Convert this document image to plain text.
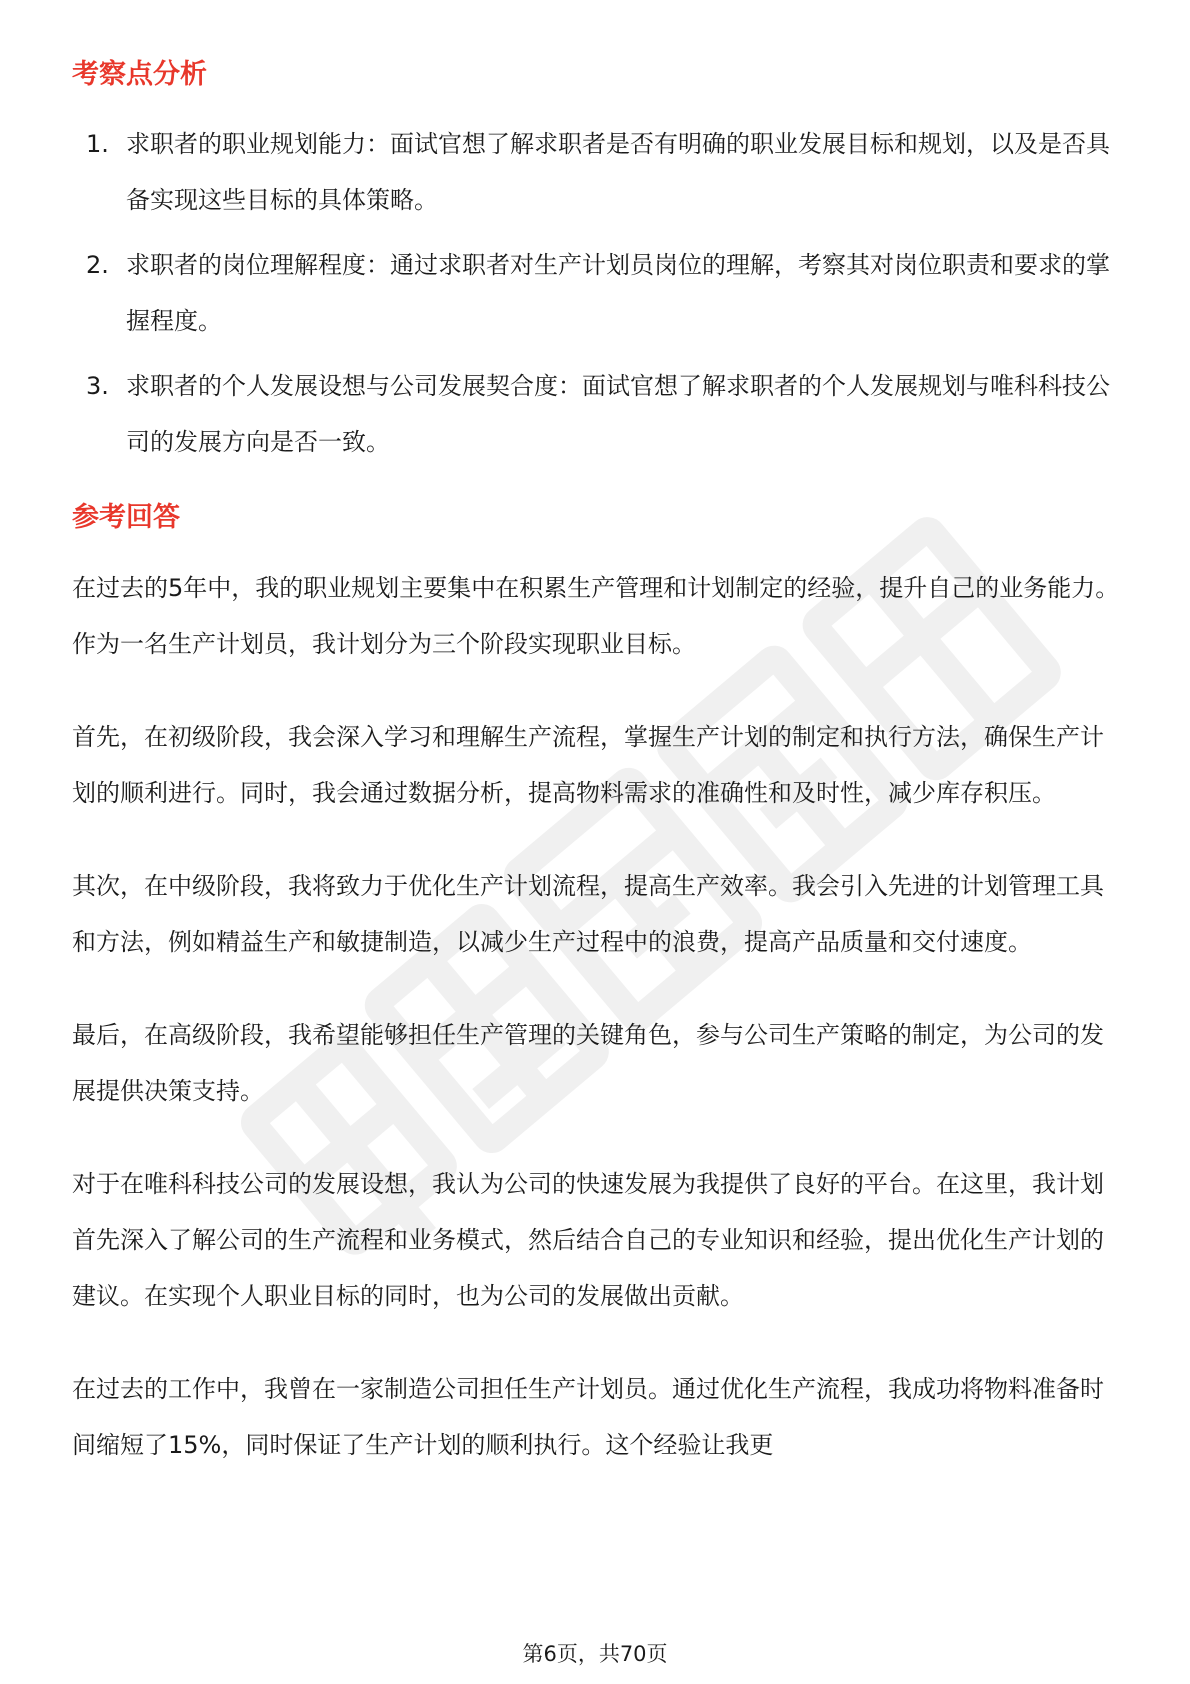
考察点分析
1. 求职者的职业规划能力：面试官想了解求职者是否有明确的职业发展目标和规划，以及是否具备实现这些目标的具体策略。
2. 求职者的岗位理解程度：通过求职者对生产计划员岗位的理解，考察其对岗位职责和要求的掌握程度。
3. 求职者的个人发展设想与公司发展契合度：面试官想了解求职者的个人发展规划与唯科科技公司的发展方向是否一致。
参考回答

在过去的5年中，我的职业规划主要集中在积累生产管理和计划制定的经验，提升自己的业务能力。作为一名生产计划员，我计划分为三个阶段实现职业目标。

首先，在初级阶段，我会深入学习和理解生产流程，掌握生产计划的制定和执行方法，确保生产计划的顺利进行。同时，我会通过数据分析，提高物料需求的准确性和及时性，减少库存积压。

其次，在中级阶段，我将致力于优化生产计划流程，提高生产效率。我会引入先进的计划管理工具和方法，例如精益生产和敏捷制造，以减少生产过程中的浪费，提高产品质量和交付速度。

最后，在高级阶段，我希望能够担任生产管理的关键角色，参与公司生产策略的制定，为公司的发展提供决策支持。

对于在唯科科技公司的发展设想，我认为公司的快速发展为我提供了良好的平台。在这里，我计划首先深入了解公司的生产流程和业务模式，然后结合自己的专业知识和经验，提出优化生产计划的建议。在实现个人职业目标的同时，也为公司的发展做出贡献。

在过去的工作中，我曾在一家制造公司担任生产计划员。通过优化生产流程，我成功将物料准备时间缩短了15%，同时保证了生产计划的顺利执行。这个经验让我更

第6页，共70页
